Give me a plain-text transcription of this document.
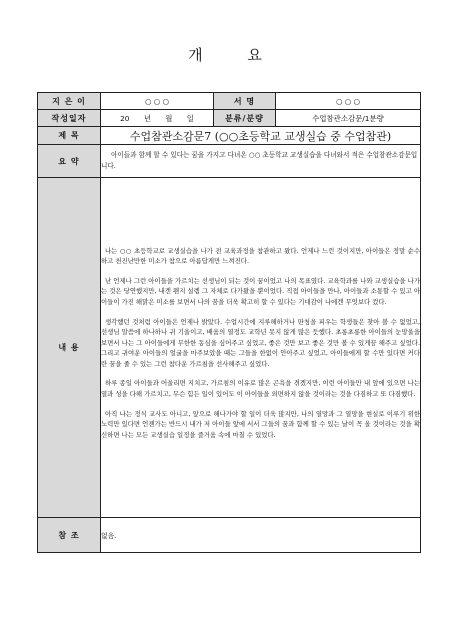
개 요
지 은 이	○ ○ ○	서 명	○ ○ ○
작성일자	20 년 월 일	분류/분량	수업참관소감문/1분량
제 목	수업참관소감문7 (○○초등학교 교생실습 중 수업참관)		
요 약	아이들과 함께 할 수 있다는 꿈을 가지고 다녀온 ○○ 초등학교 교생실습을 다녀와서 적은 수업참관소감문입니다.		
내 용	나는 ○○ 초등학교로 교생실습을 나가 전 교육과정을 참관하고 왔다. 언제나 느낀 것이지만, 아이들은 정말 순수하고 천진난만한 미소가 참으로 아름답게만 느껴진다.

난 언제나 그런 아이들을 가르치는 선생님이 되는 것이 꿈이었고 나의 목표였다. 교육학과를 나와 교생실습을 나가는 것은 당연했지만, 내겐 왠지 설렘 그 자체로 다가왔을 뿐이었다. 직접 아이들을 만나, 아이들과 소통할 수 있고 아이들이 가진 해맑은 미소를 보면서 나의 꿈을 더욱 확고히 할 수 있다는 기대감이 나에겐 무엇보다 컸다.

생각했던 것처럼 아이들은 언제나 밝았다. 수업시간에 지루해하거나 딴청을 피우는 학생들은 찾아 볼 수 없었고, 선생님 말씀에 하나하나 귀 기울이고, 배움의 열정도 교학년 못지 않게 많은 듯했다. 초롱초롱한 아이들의 눈망울을 보면서 나는 그 아이들에게 무한한 동심을 심어주고 싶었고, 좋은 것만 보고 좋은 것만 볼 수 있게끔 해주고 싶었다. 그리고 귀여운 아이들의 얼굴을 마주보았을 때는 그들을 한없이 안아주고 싶었고, 아이들에게 할 수만 있다면 커다란 꿈을 줄 수 있는 그런 참다운 가르침을 선사해주고 싶었다.

하루 종일 아이들과 어울리면 지치고, 가르침의 이유로 많은 곤욕을 겪겠지만, 이런 아이들만 내 앞에 있으면 나는 열과 성을 다해 가르치고, 무슨 힘든 일이 있어도 이 아이들을 외면하지 않을 것이라는 것을 다짐하고 또 다짐했다.

아직 나는 정식 교사도 아니고, 앞으로 해나가야 할 일이 더욱 많지만, 나의 열망과 그 열망을 현실로 이루기 위한 노력만 있다면 언젠가는 반드시 내가 저 아이들 앞에 서서 그들의 꿈과 함께 할 수 있는 날이 꼭 올 것이라는 것을 확신하면 나는 모든 교생실습 일정을 즐거움 속에 마칠 수 있었다.		

참 조	없음.		
